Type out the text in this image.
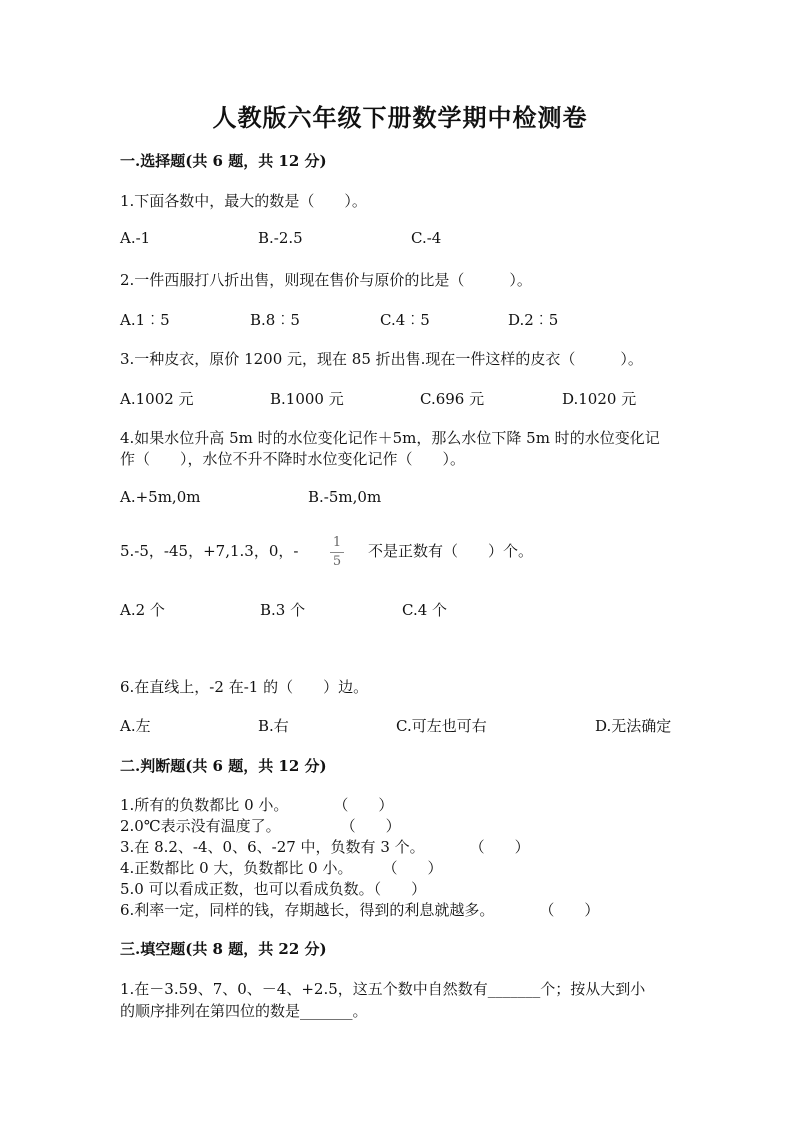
人教版六年级下册数学期中检测卷
一.选择题(共 6 题，共 12 分)
1.下面各数中，最大的数是（　　）。
A.-1	B.-2.5	C.-4
2.一件西服打八折出售，则现在售价与原价的比是（　　　）。
A.1︰5	B.8︰5	C.4︰5	D.2︰5
3.一种皮衣，原价 1200 元，现在 85 折出售.现在一件这样的皮衣（　　　）。
A.1002 元	B.1000 元	C.696 元	D.1020 元
4.如果水位升高 5m 时的水位变化记作＋5m，那么水位下降 5m 时的水位变化记
作（　　），水位不升不降时水位变化记作（　　）。
A.+5m,0m	B.-5m,0m
5.-5，-45，+7,1.3，0，-	1
5
不是正数有（　　）个。
A.2 个	B.3 个	C.4 个
6.在直线上，-2 在-1 的（　　）边。
A.左	B.右	C.可左也可右	D.无法确定
二.判断题(共 6 题，共 12 分)
1.所有的负数都比 0 小。　　　　（　　）
2.0℃表示没有温度了。　　　　　（　　）
3.在 8.2、-4、0、6、-27 中，负数有 3 个。　　　　（　　）
4.正数都比 0 大，负数都比 0 小。　　　（　　）
5.0 可以看成正数，也可以看成负数。（　　）
6.利率一定，同样的钱，存期越长，得到的利息就越多。　　　　（　　）
三.填空题(共 8 题，共 22 分)
1.在－3.59、7、0、－4、+2.5，这五个数中自然数有_______个；按从大到小
的顺序排列在第四位的数是_______。
